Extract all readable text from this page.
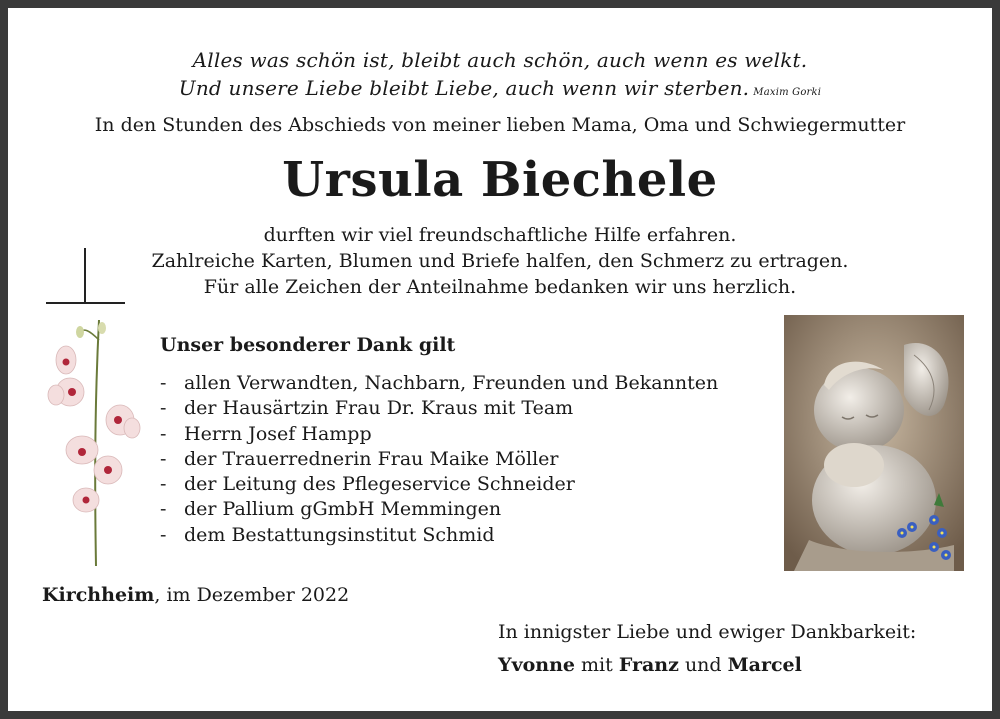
Alles was schön ist, bleibt auch schön, auch wenn es welkt.
Und unsere Liebe bleibt Liebe, auch wenn wir sterben. Maxim Gorki
In den Stunden des Abschieds von meiner lieben Mama, Oma und Schwiegermutter
Ursula Biechele
durften wir viel freundschaftliche Hilfe erfahren.
Zahlreiche Karten, Blumen und Briefe halfen, den Schmerz zu ertragen.
Für alle Zeichen der Anteilnahme bedanken wir uns herzlich.
Unser besonderer Dank gilt
- allen Verwandten, Nachbarn, Freunden und Bekannten
- der Hausärtzin Frau Dr. Kraus mit Team
- Herrn Josef Hampp
- der Trauerrednerin Frau Maike Möller
- der Leitung des Pflegeservice Schneider
- der Pallium gGmbH Memmingen
- dem Bestattungsinstitut Schmid
Kirchheim, im Dezember 2022
In innigster Liebe und ewiger Dankbarkeit:
Yvonne mit Franz und Marcel
